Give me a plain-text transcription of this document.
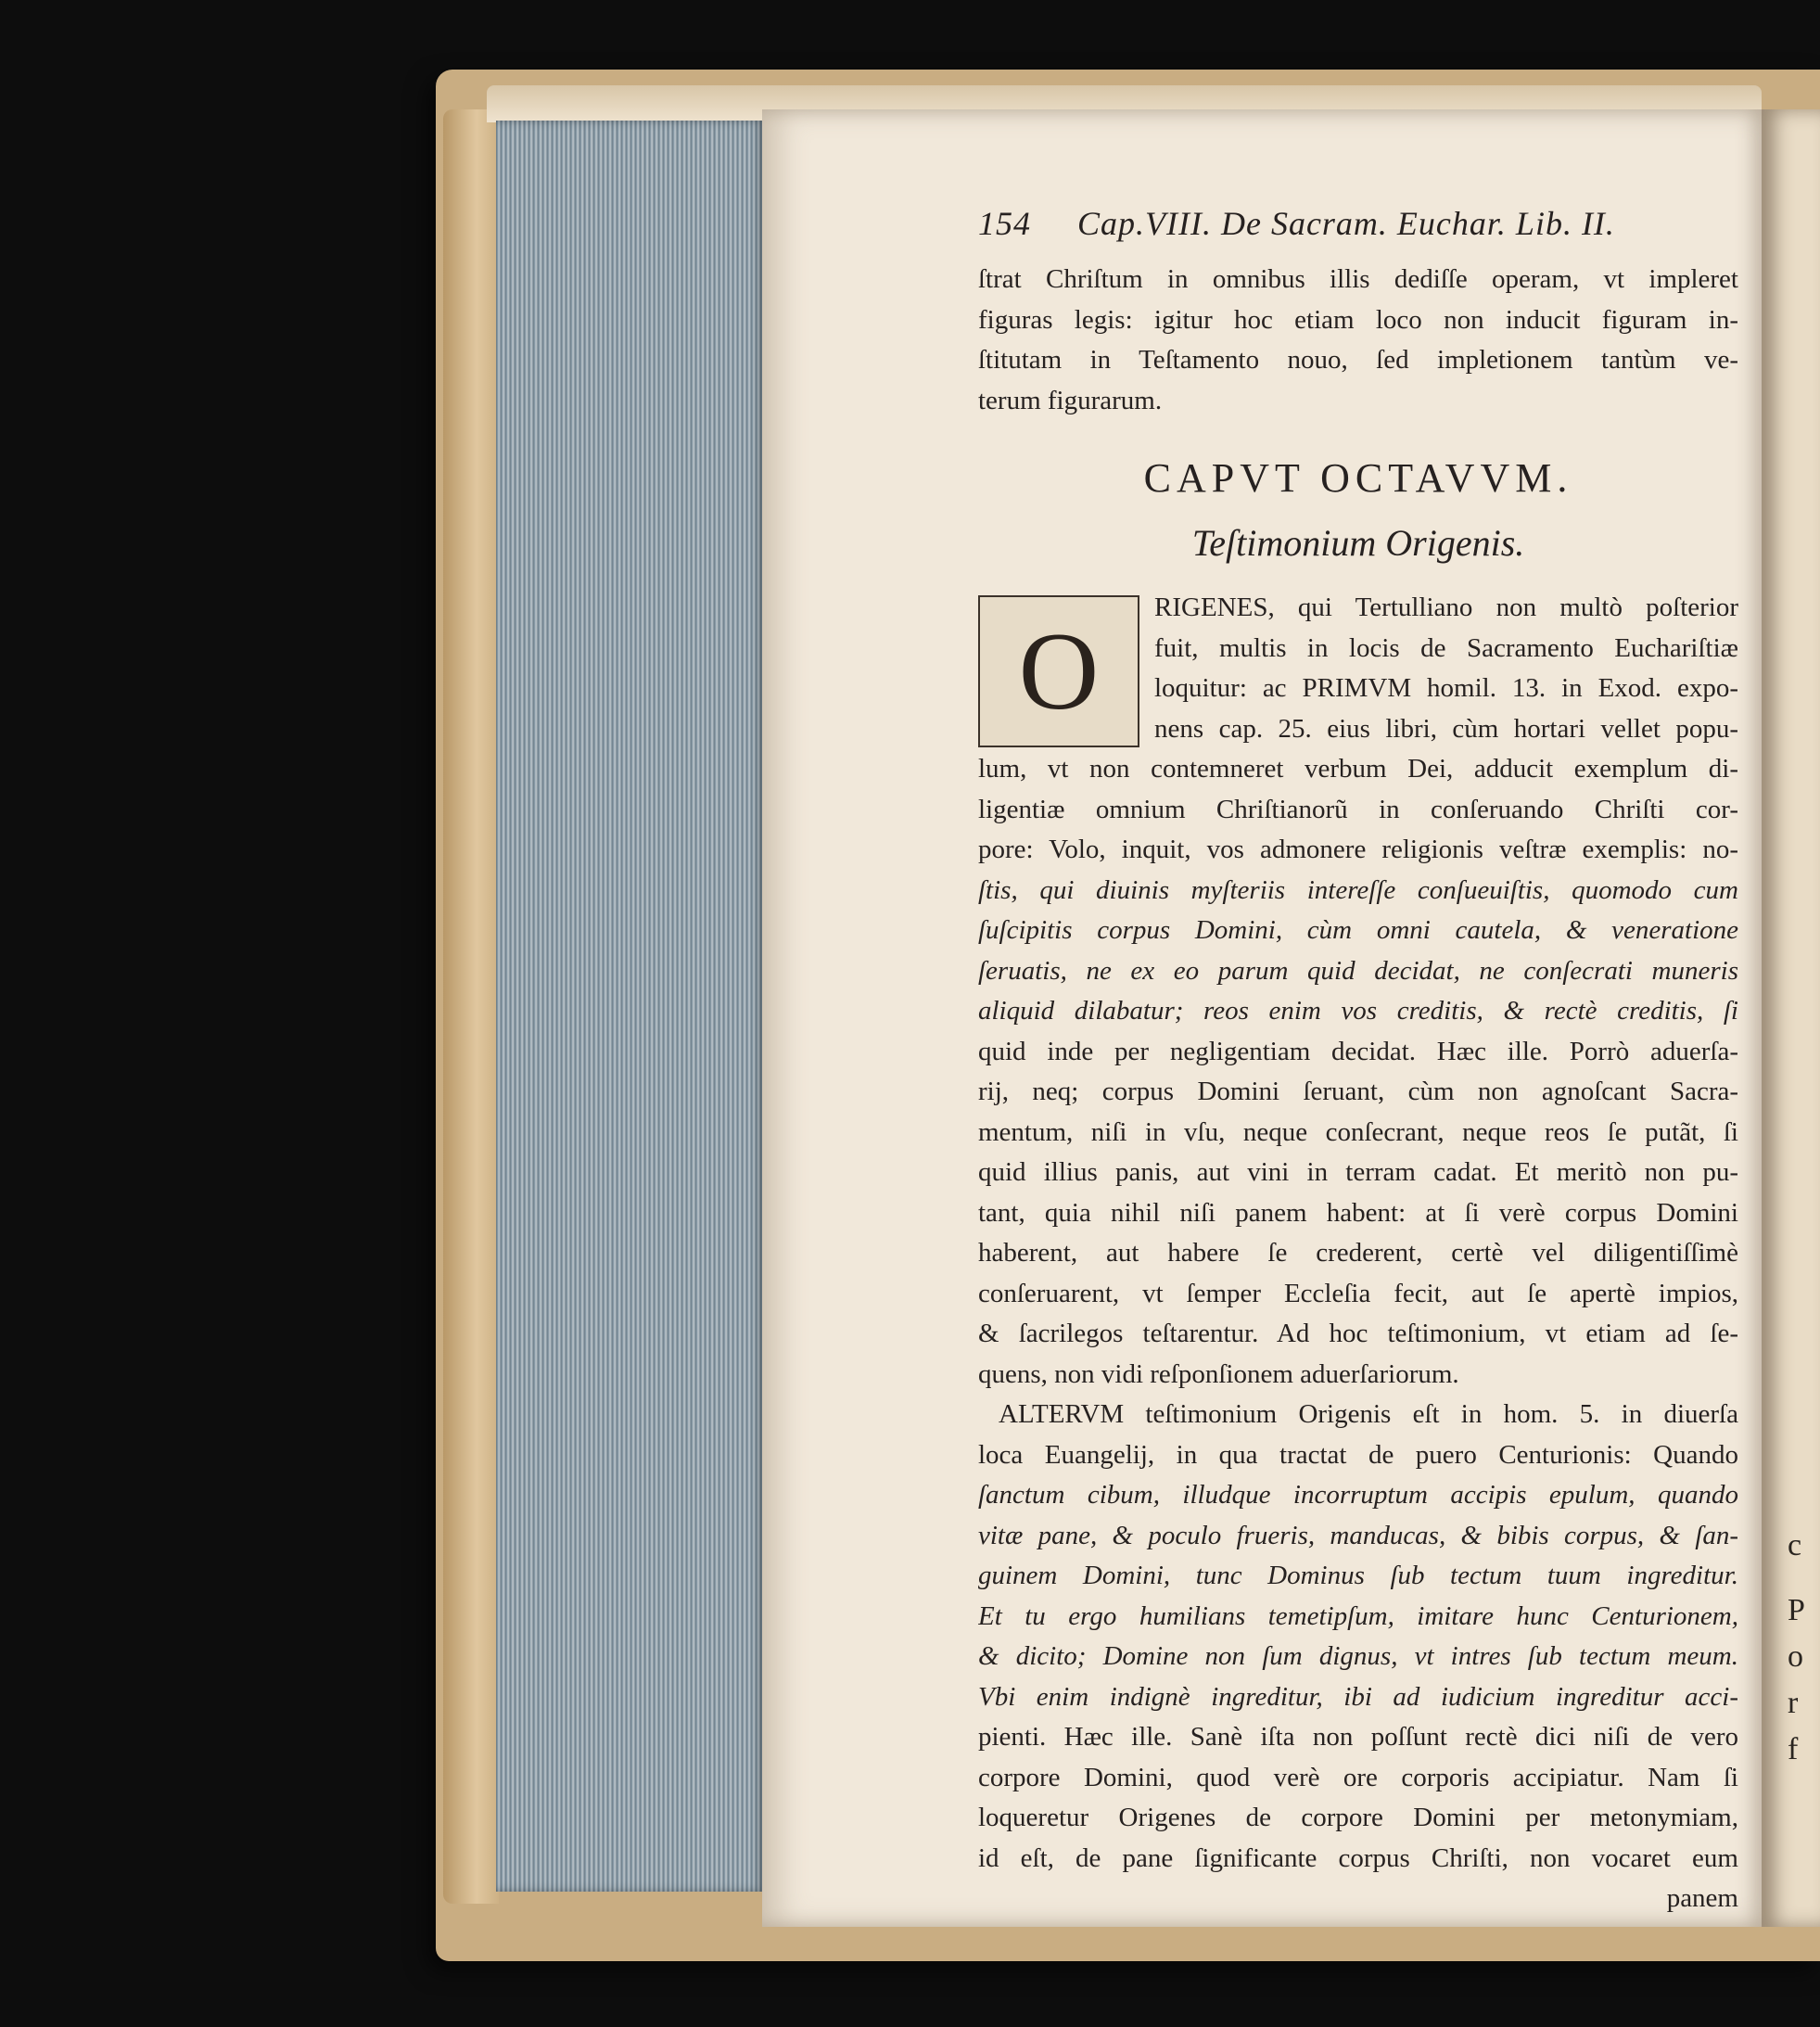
c
P
o
r
f
154 Cap.VIII. De Sacram. Euchar. Lib. II.
ſtrat Chriſtum in omnibus illis dediſſe operam, vt impleret
figuras legis: igitur hoc etiam loco non inducit figuram in-
ſtitutam in Teſtamento nouo, ſed impletionem tantùm ve-
terum figurarum.
CAPVT OCTAVVM.
Teſtimonium Origenis.
O
RIGENES, qui Tertulliano non multò poſterior
fuit, multis in locis de Sacramento Euchariſtiæ
loquitur: ac PRIMVM homil. 13. in Exod. expo-
nens cap. 25. eius libri, cùm hortari vellet popu-
lum, vt non contemneret verbum Dei, adducit exemplum di-
ligentiæ omnium Chriſtianorũ in conſeruando Chriſti cor-
pore: Volo, inquit, vos admonere religionis veſtræ exemplis: no-
ſtis, qui diuinis myſteriis intereſſe conſueuiſtis, quomodo cum
ſuſcipitis corpus Domini, cùm omni cautela, & veneratione
ſeruatis, ne ex eo parum quid decidat, ne conſecrati muneris
aliquid dilabatur; reos enim vos creditis, & rectè creditis, ſi
quid inde per negligentiam decidat. Hæc ille. Porrò aduerſa-
rij, neq; corpus Domini ſeruant, cùm non agnoſcant Sacra-
mentum, niſi in vſu, neque conſecrant, neque reos ſe putãt, ſi
quid illius panis, aut vini in terram cadat. Et meritò non pu-
tant, quia nihil niſi panem habent: at ſi verè corpus Domini
haberent, aut habere ſe crederent, certè vel diligentiſſimè
conſeruarent, vt ſemper Eccleſia fecit, aut ſe apertè impios,
& ſacrilegos teſtarentur. Ad hoc teſtimonium, vt etiam ad ſe-
quens, non vidi reſponſionem aduerſariorum.
ALTERVM teſtimonium Origenis eſt in hom. 5. in diuerſa
loca Euangelij, in qua tractat de puero Centurionis: Quando
ſanctum cibum, illudque incorruptum accipis epulum, quando
vitæ pane, & poculo frueris, manducas, & bibis corpus, & ſan-
guinem Domini, tunc Dominus ſub tectum tuum ingreditur.
Et tu ergo humilians temetipſum, imitare hunc Centurionem,
& dicito; Domine non ſum dignus, vt intres ſub tectum meum.
Vbi enim indignè ingreditur, ibi ad iudicium ingreditur acci-
pienti. Hæc ille. Sanè iſta non poſſunt rectè dici niſi de vero
corpore Domini, quod verè ore corporis accipiatur. Nam ſi
loqueretur Origenes de corpore Domini per metonymiam,
id eſt, de pane ſignificante corpus Chriſti, non vocaret eum
panem
